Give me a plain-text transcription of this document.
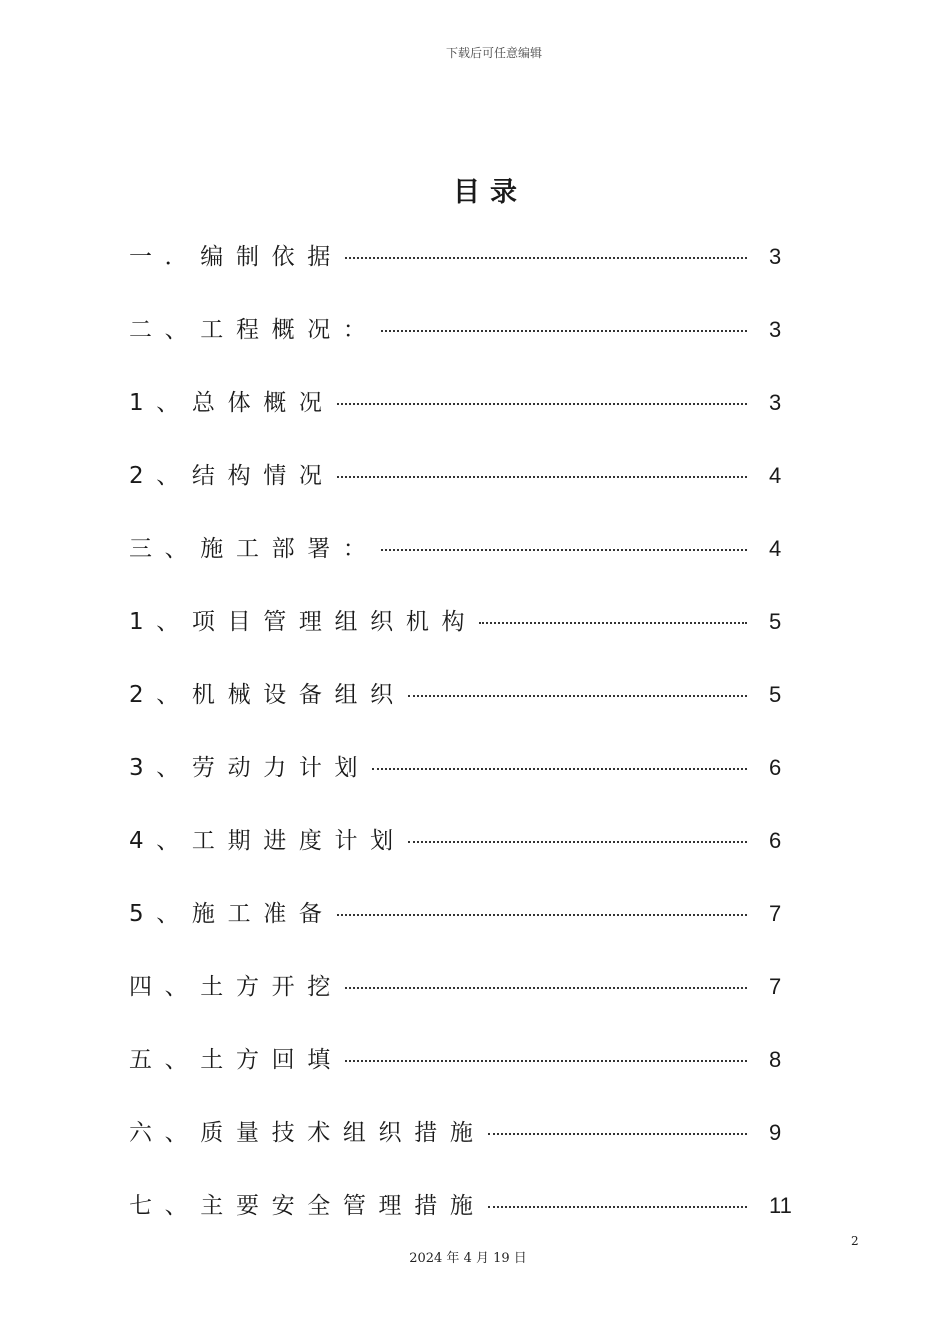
下载后可任意编辑
目录
一．编制依据	3
二、工程概况：	3
1、总体概况	3
2、结构情况	4
三、施工部署：	4
1、项目管理组织机构	5
2、机械设备组织	5
3、劳动力计划	6
4、工期进度计划	6
5、施工准备	7
四、土方开挖	7
五、土方回填	8
六、质量技术组织措施	9
七、主要安全管理措施	11
2
2024 年 4 月 19 日
